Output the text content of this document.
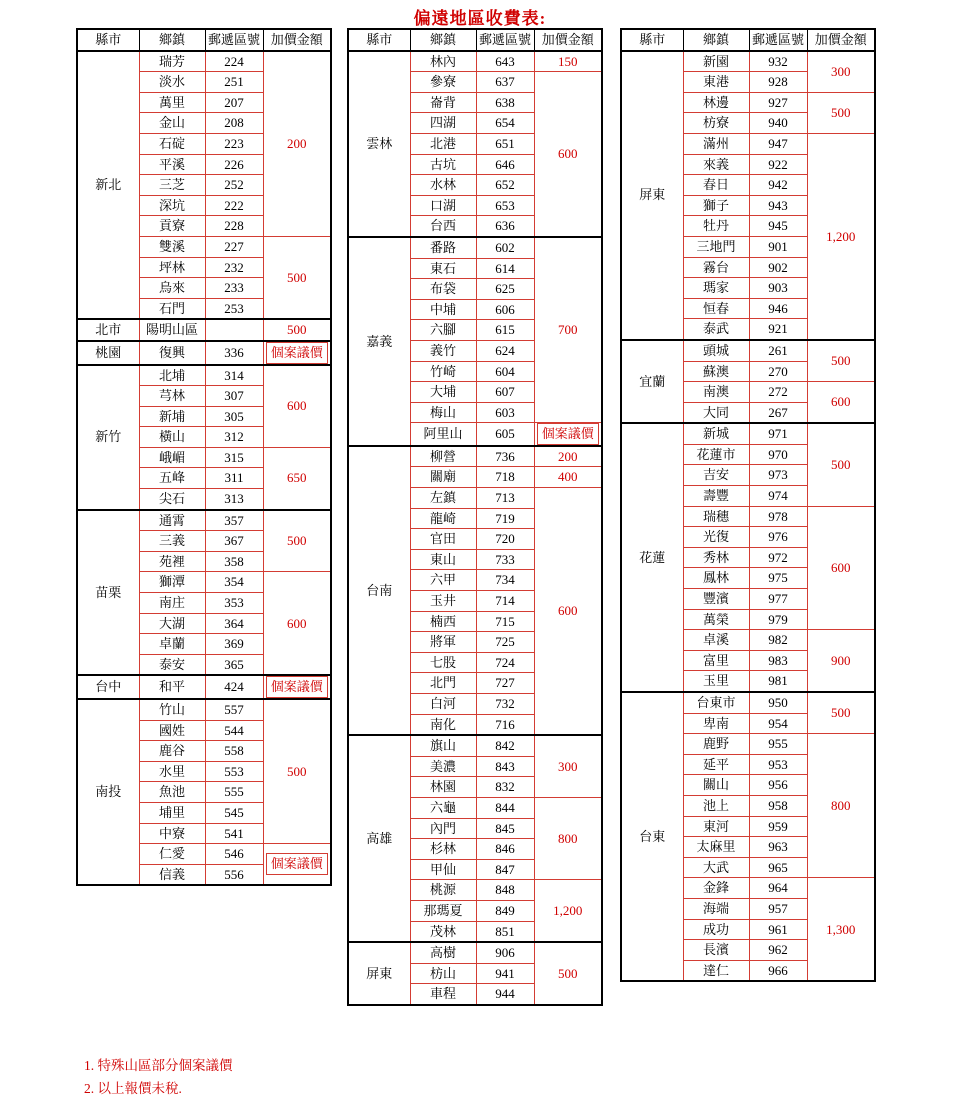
偏遠地區收費表:
縣市	鄉鎮	郵遞區號	加價金額
新北	瑞芳	224	200
	淡水	251	
	萬里	207	
	金山	208	
	石碇	223	
	平溪	226	
	三芝	252	
	深坑	222	
	貢寮	228	
	雙溪	227	500
	坪林	232	
	烏來	233	
	石門	253	
北市	陽明山區		500
桃園	復興	336	個案議價
新竹	北埔	314	600
	芎林	307	
	新埔	305	
	橫山	312	
	峨嵋	315	650
	五峰	311	
	尖石	313	
苗栗	通霄	357	500
	三義	367	
	苑裡	358	
	獅潭	354	600
	南庄	353	
	大湖	364	
	卓蘭	369	
	泰安	365	
台中	和平	424	個案議價
南投	竹山	557	500
	國姓	544	
	鹿谷	558	
	水里	553	
	魚池	555	
	埔里	545	
	中寮	541	
	仁愛	546	個案議價
	信義	556	
縣市	鄉鎮	郵遞區號	加價金額
雲林	林內	643	150
	參寮	637	600
	崙背	638	
	四湖	654	
	北港	651	
	古坑	646	
	水林	652	
	口湖	653	
	台西	636	
嘉義	番路	602	700
	東石	614	
	布袋	625	
	中埔	606	
	六腳	615	
	義竹	624	
	竹崎	604	
	大埔	607	
	梅山	603	
	阿里山	605	個案議價
台南	柳營	736	200
	關廟	718	400
	左鎮	713	600
	龍崎	719	
	官田	720	
	東山	733	
	六甲	734	
	玉井	714	
	楠西	715	
	將軍	725	
	七股	724	
	北門	727	
	白河	732	
	南化	716	
高雄	旗山	842	300
	美濃	843	
	林園	832	
	六龜	844	800
	內門	845	
	杉林	846	
	甲仙	847	
	桃源	848	1,200
	那瑪夏	849	
	茂林	851	
屏東	高樹	906	500
	枋山	941	
	車程	944	
縣市	鄉鎮	郵遞區號	加價金額
屏東	新園	932	300
	東港	928	
	林邊	927	500
	枋寮	940	
	滿州	947	1,200
	來義	922	
	春日	942	
	獅子	943	
	牡丹	945	
	三地門	901	
	霧台	902	
	瑪家	903	
	恒春	946	
	泰武	921	
宜蘭	頭城	261	500
	蘇澳	270	
	南澳	272	600
	大同	267	
花蓮	新城	971	500
	花蓮市	970	
	吉安	973	
	壽豐	974	
	瑞穗	978	600
	光復	976	
	秀林	972	
	鳳林	975	
	豐濱	977	
	萬榮	979	
	卓溪	982	900
	富里	983	
	玉里	981	
台東	台東市	950	500
	卑南	954	
	鹿野	955	800
	延平	953	
	關山	956	
	池上	958	
	東河	959	
	太麻里	963	
	大武	965	
	金鋒	964	1,300
	海端	957	
	成功	961	
	長濱	962	
	達仁	966	
1. 特殊山區部分個案議價
2. 以上報價未稅.
